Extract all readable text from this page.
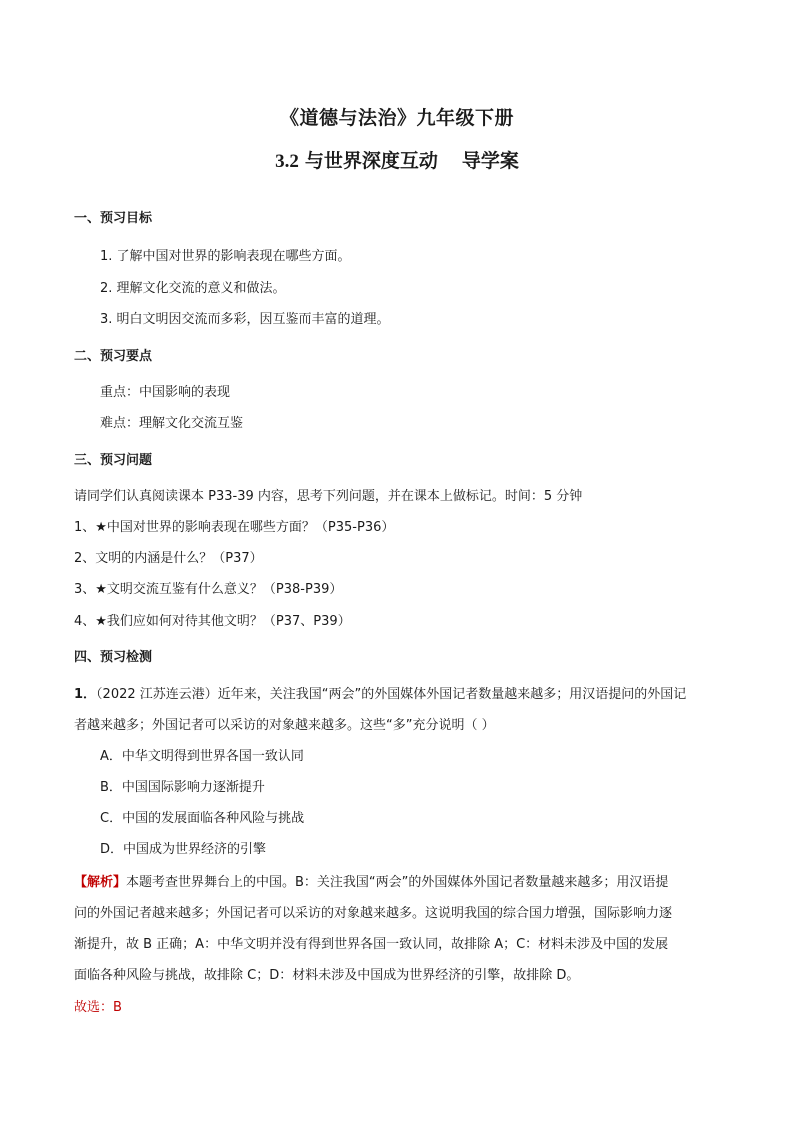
《道德与法治》九年级下册
3.2 与世界深度互动 导学案
一、预习目标
1. 了解中国对世界的影响表现在哪些方面。
2. 理解文化交流的意义和做法。
3. 明白文明因交流而多彩，因互鉴而丰富的道理。
二、预习要点
重点：中国影响的表现
难点：理解文化交流互鉴
三、预习问题
请同学们认真阅读课本 P33-39 内容，思考下列问题，并在课本上做标记。时间：5 分钟
1、★中国对世界的影响表现在哪些方面？（P35-P36）
2、文明的内涵是什么？（P37）
3、★文明交流互鉴有什么意义？（P38-P39）
4、★我们应如何对待其他文明？（P37、P39）
四、预习检测
1．（2022 江苏连云港）近年来，关注我国“两会”的外国媒体外国记者数量越来越多；用汉语提问的外国记
者越来越多；外国记者可以采访的对象越来越多。这些“多”充分说明（ ）
A．中华文明得到世界各国一致认同
B．中国国际影响力逐渐提升
C．中国的发展面临各种风险与挑战
D．中国成为世界经济的引擎
【解析】本题考查世界舞台上的中国。B：关注我国“两会”的外国媒体外国记者数量越来越多；用汉语提
问的外国记者越来越多；外国记者可以采访的对象越来越多。这说明我国的综合国力增强，国际影响力逐
渐提升，故 B 正确；A：中华文明并没有得到世界各国一致认同，故排除 A；C：材料未涉及中国的发展
面临各种风险与挑战，故排除 C；D：材料未涉及中国成为世界经济的引擎，故排除 D。
故选：B
